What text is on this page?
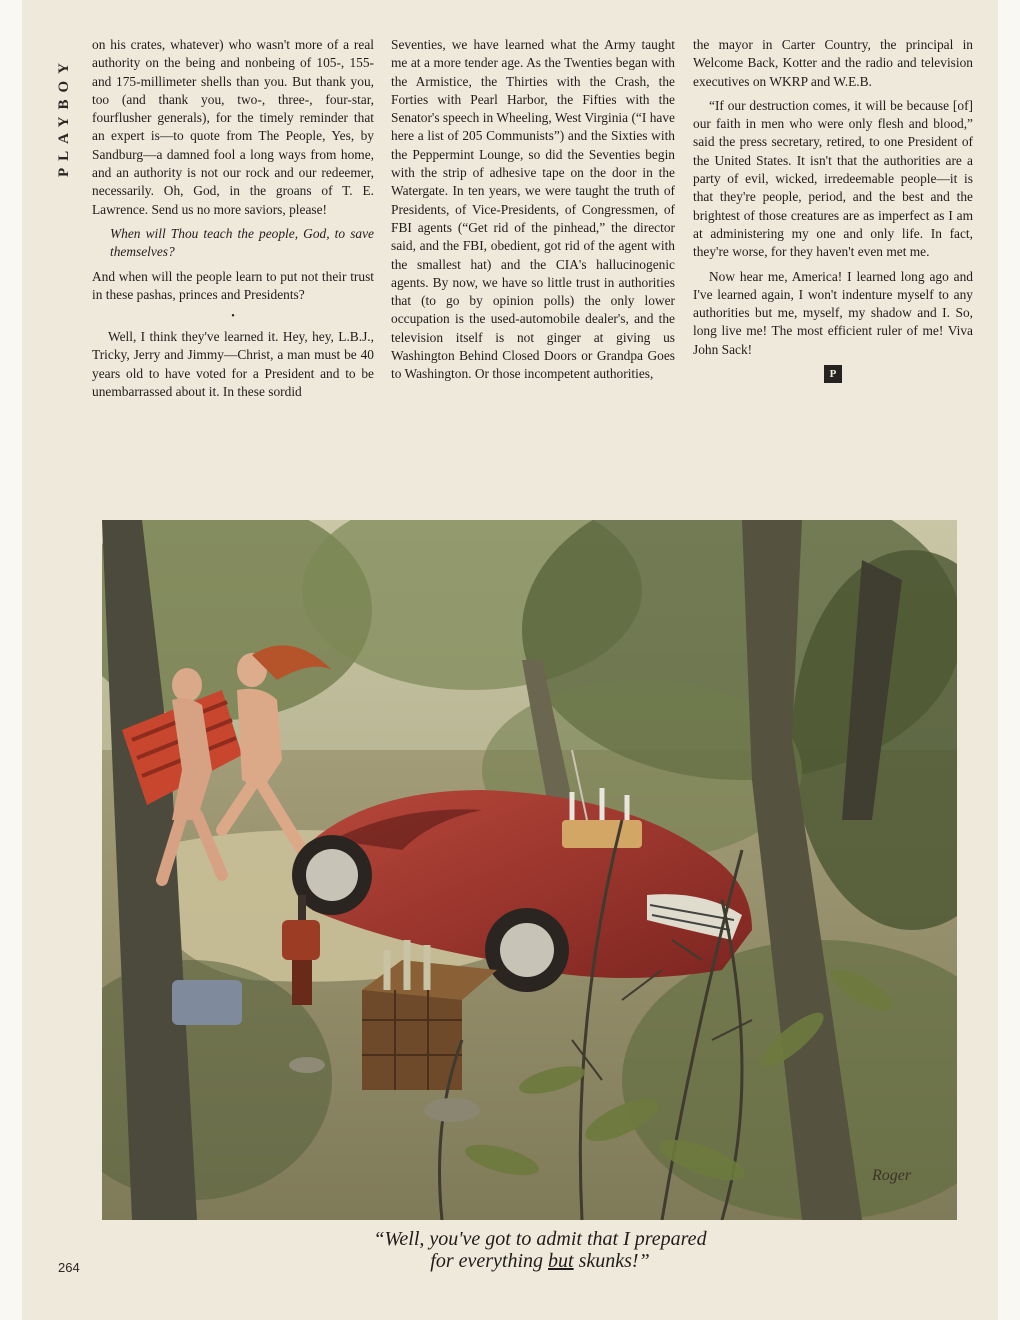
PLAYBOY

on his crates, whatever) who wasn't more of a real authority on the being and nonbeing of 105-, 155- and 175-millimeter shells than you. But thank you, too (and thank you, two-, three-, four-star, fourflusher generals), for the timely reminder that an expert is—to quote from The People, Yes, by Sandburg—a damned fool a long ways from home, and an authority is not our rock and our redeemer, necessarily. Oh, God, in the groans of T. E. Lawrence. Send us no more saviors, please!

When will Thou teach the people, God, to save themselves?

And when will the people learn to put not their trust in these pashas, princes and Presidents?

•

Well, I think they've learned it. Hey, hey, L.B.J., Tricky, Jerry and Jimmy—Christ, a man must be 40 years old to have voted for a President and to be unembarrassed about it. In these sordid

Seventies, we have learned what the Army taught me at a more tender age. As the Twenties began with the Armistice, the Thirties with the Crash, the Forties with Pearl Harbor, the Fifties with the Senator's speech in Wheeling, West Virginia (“I have here a list of 205 Communists”) and the Sixties with the Peppermint Lounge, so did the Seventies begin with the strip of adhesive tape on the door in the Watergate. In ten years, we were taught the truth of Presidents, of Vice-Presidents, of Congressmen, of FBI agents (“Get rid of the pinhead,” the director said, and the FBI, obedient, got rid of the agent with the smallest hat) and the CIA's hallucinogenic agents. By now, we have so little trust in authorities that (to go by opinion polls) the only lower occupation is the used-automobile dealer's, and the television itself is not ginger at giving us Washington Behind Closed Doors or Grandpa Goes to Washington. Or those incompetent authorities,

the mayor in Carter Country, the principal in Welcome Back, Kotter and the radio and television executives on WKRP and W.E.B.

“If our destruction comes, it will be because [of] our faith in men who were only flesh and blood,” said the press secretary, retired, to one President of the United States. It isn't that the authorities are a party of evil, wicked, irredeemable people—it is that they're people, period, and the best and the brightest of those creatures are as imperfect as I am at administering my one and only life. In fact, they're worse, for they haven't even met me.

Now hear me, America! I learned long ago and I've learned again, I won't indenture myself to any authorities but me, myself, my shadow and I. So, long live me! The most efficient ruler of me! Viva John Sack!

P
Roger
“Well, you've got to admit that I prepared
for everything but skunks!”
264
